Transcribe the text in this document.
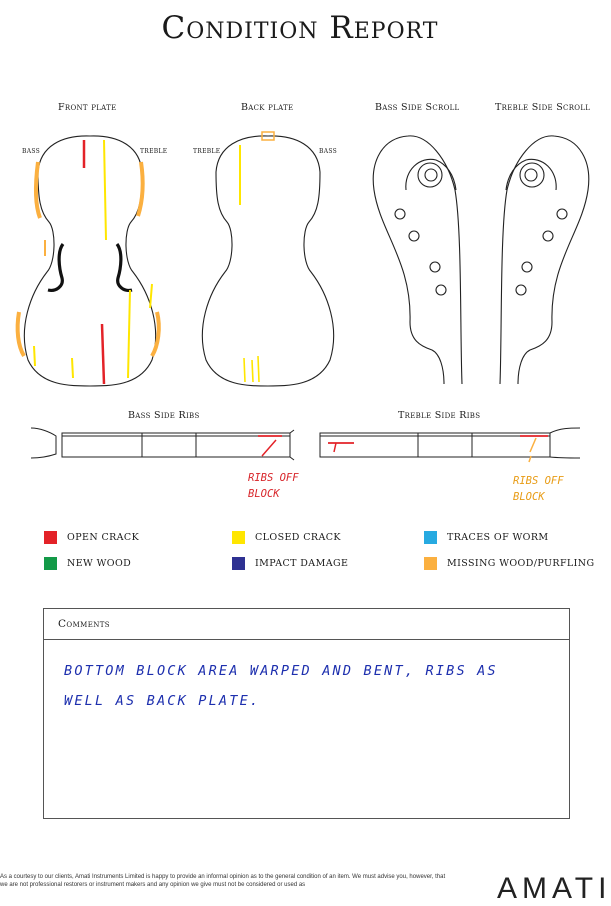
Condition Report
Front plate	Back plate	Bass Side Scroll	Treble Side Scroll
BASS	TREBLE	TREBLE	BASS
Bass Side Ribs	Treble Side Ribs
RIBS OFF BLOCK
RIBS OFF BLOCK
OPEN CRACK	CLOSED CRACK	TRACES OF WORM
NEW WOOD	IMPACT DAMAGE	MISSING WOOD/PURFLING
Comments
BOTTOM BLOCK AREA WARPED AND BENT, RIBS AS WELL AS BACK PLATE.
As a courtesy to our clients, Amati Instruments Limited is happy to provide an informal opinion as to the general condition of an item. We must advise you, however, that we are not professional restorers or instrument makers and any opinion we give must not be considered or used as	AMATI
